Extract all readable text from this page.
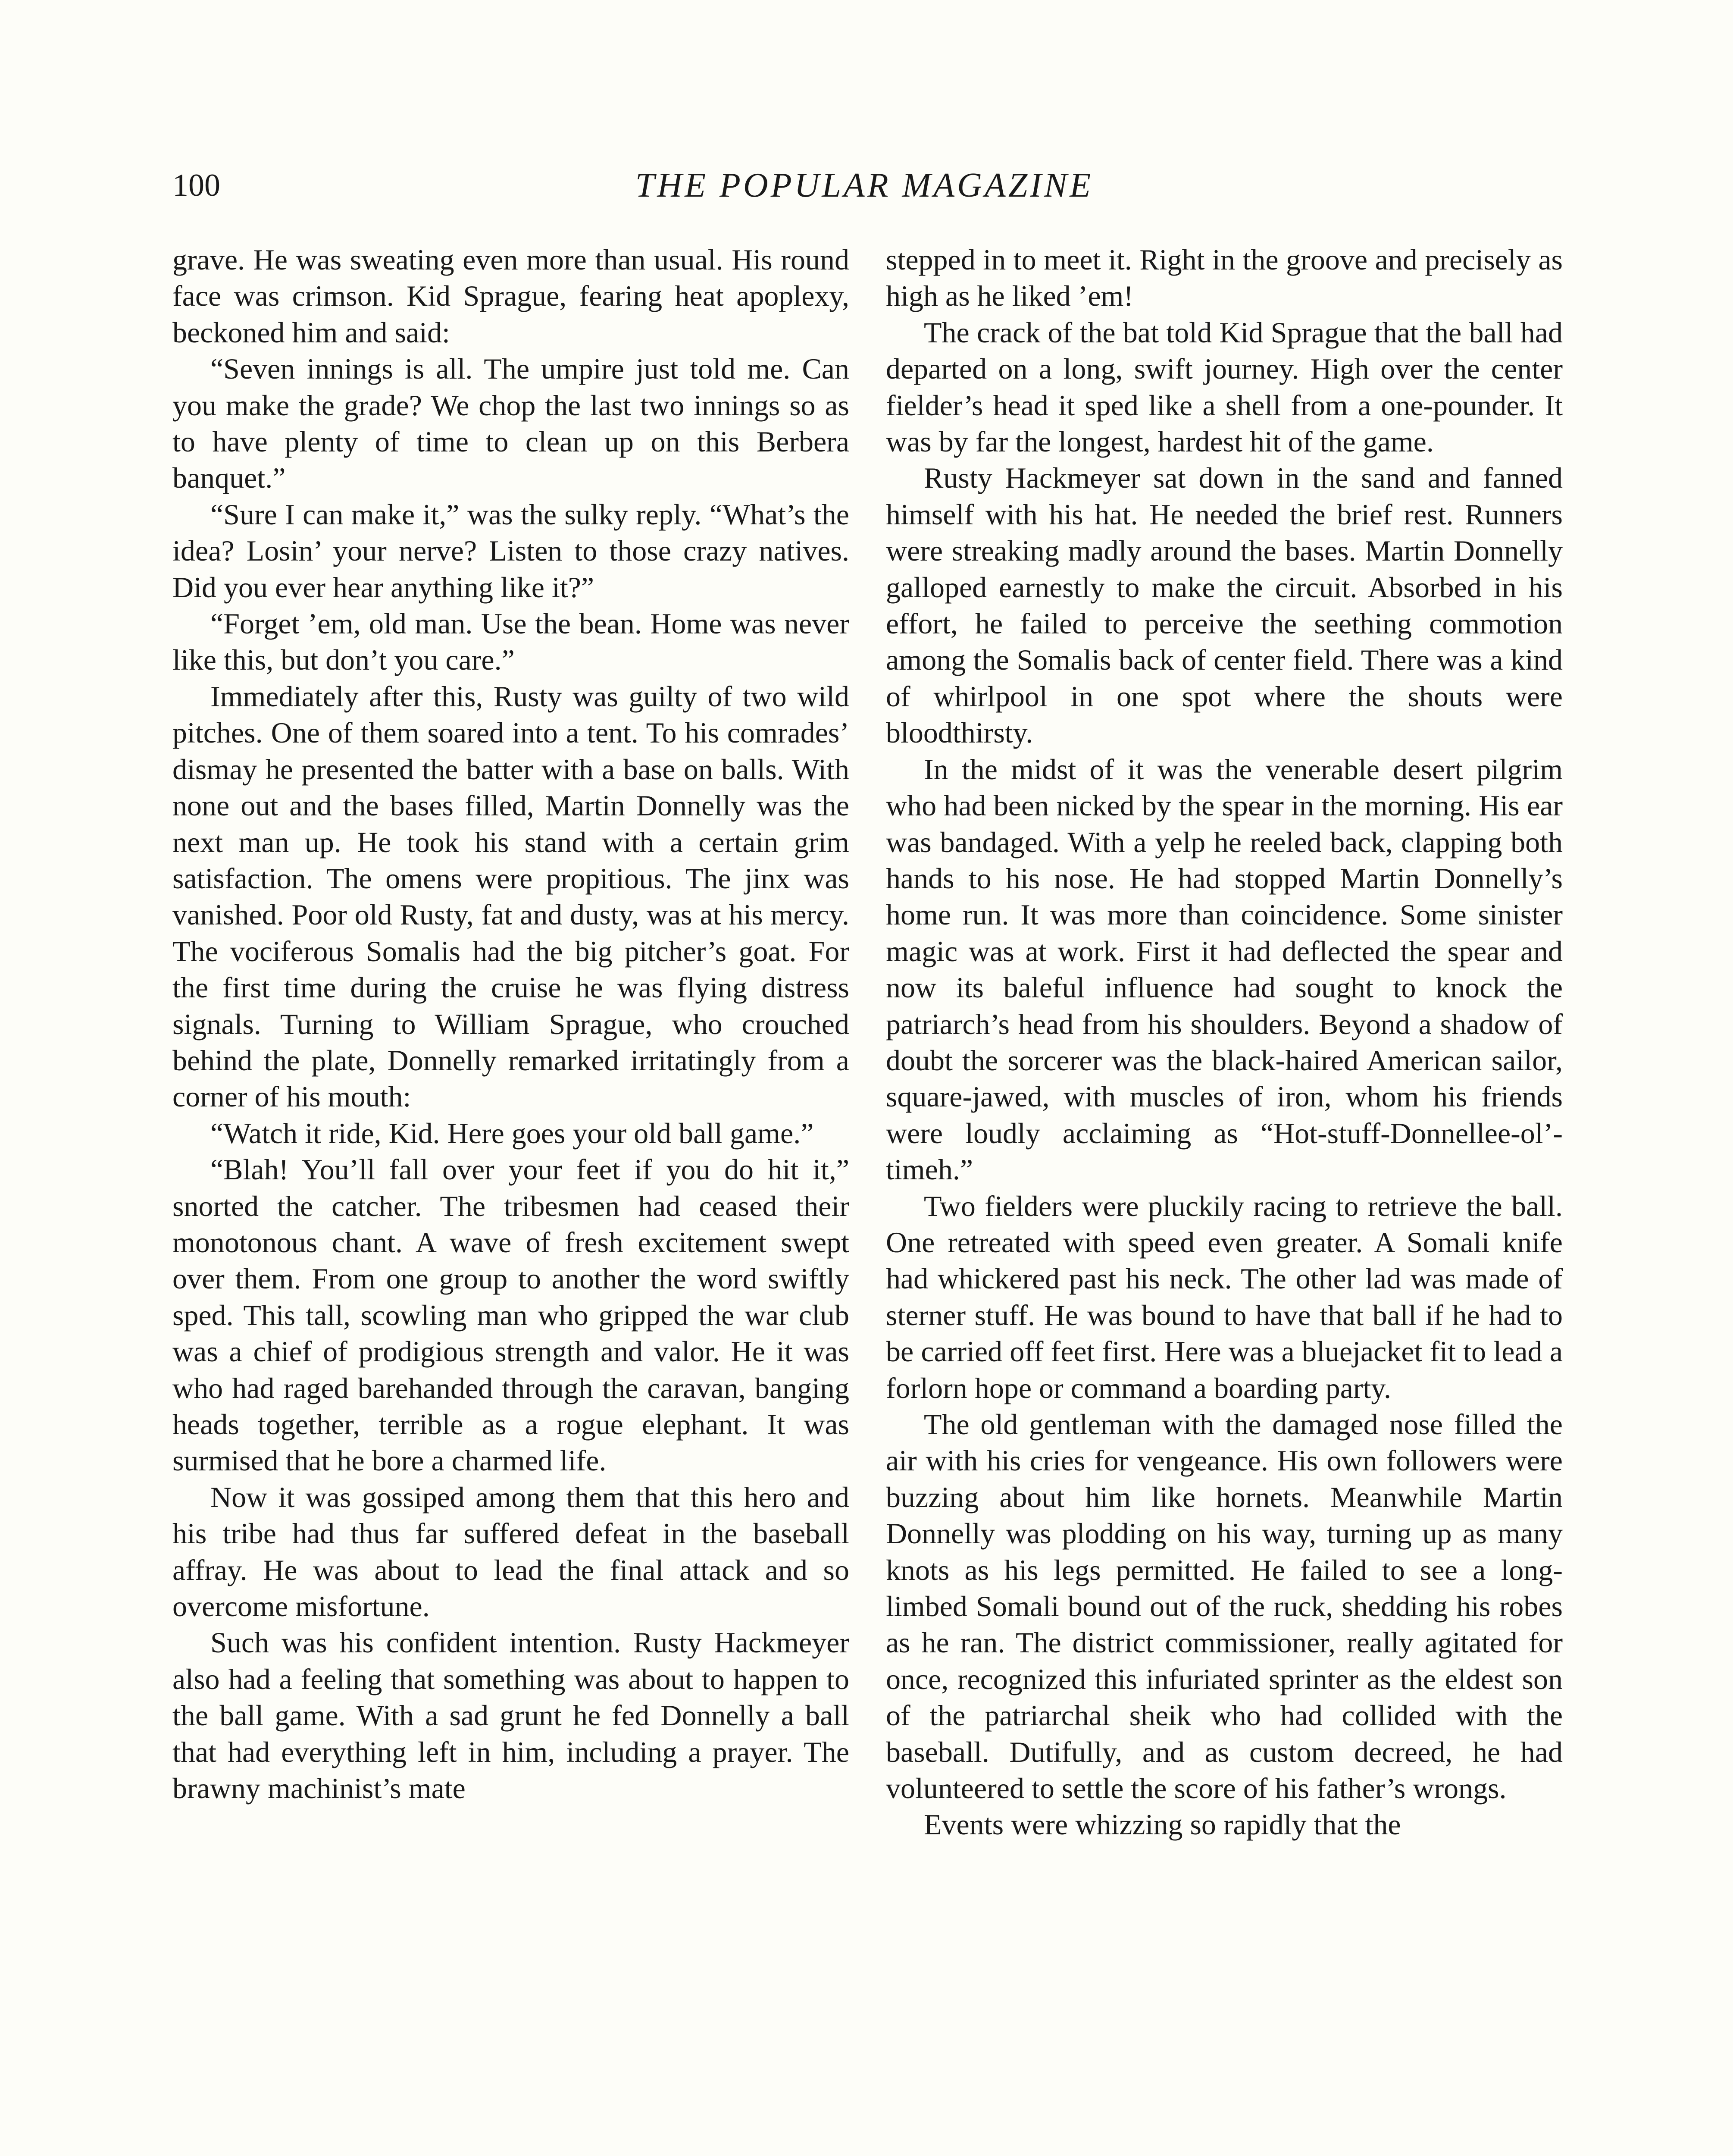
100	THE POPULAR MAGAZINE

grave. He was sweating even more than usual. His round face was crimson. Kid Sprague, fearing heat apoplexy, beckoned him and said:

“Seven innings is all. The umpire just told me. Can you make the grade? We chop the last two innings so as to have plenty of time to clean up on this Berbera banquet.”

“Sure I can make it,” was the sulky reply. “What’s the idea? Losin’ your nerve? Listen to those crazy natives. Did you ever hear anything like it?”

“Forget ’em, old man. Use the bean. Home was never like this, but don’t you care.”

Immediately after this, Rusty was guilty of two wild pitches. One of them soared into a tent. To his comrades’ dismay he presented the batter with a base on balls. With none out and the bases filled, Martin Donnelly was the next man up. He took his stand with a certain grim satisfaction. The omens were propitious. The jinx was vanished. Poor old Rusty, fat and dusty, was at his mercy. The vociferous Somalis had the big pitcher’s goat. For the first time during the cruise he was flying distress signals. Turning to William Sprague, who crouched behind the plate, Donnelly remarked irritatingly from a corner of his mouth:

“Watch it ride, Kid. Here goes your old ball game.”

“Blah! You’ll fall over your feet if you do hit it,” snorted the catcher. The tribesmen had ceased their monotonous chant. A wave of fresh excitement swept over them. From one group to another the word swiftly sped. This tall, scowling man who gripped the war club was a chief of prodigious strength and valor. He it was who had raged barehanded through the caravan, banging heads together, terrible as a rogue elephant. It was surmised that he bore a charmed life.

Now it was gossiped among them that this hero and his tribe had thus far suffered defeat in the baseball affray. He was about to lead the final attack and so overcome misfortune.

Such was his confident intention. Rusty Hackmeyer also had a feeling that something was about to happen to the ball game. With a sad grunt he fed Donnelly a ball that had everything left in him, including a prayer. The brawny machinist’s mate

stepped in to meet it. Right in the groove and precisely as high as he liked ’em!

The crack of the bat told Kid Sprague that the ball had departed on a long, swift journey. High over the center fielder’s head it sped like a shell from a one-pounder. It was by far the longest, hardest hit of the game.

Rusty Hackmeyer sat down in the sand and fanned himself with his hat. He needed the brief rest. Runners were streaking madly around the bases. Martin Donnelly galloped earnestly to make the circuit. Absorbed in his effort, he failed to perceive the seething commotion among the Somalis back of center field. There was a kind of whirlpool in one spot where the shouts were bloodthirsty.

In the midst of it was the venerable desert pilgrim who had been nicked by the spear in the morning. His ear was bandaged. With a yelp he reeled back, clapping both hands to his nose. He had stopped Martin Donnelly’s home run. It was more than coincidence. Some sinister magic was at work. First it had deflected the spear and now its baleful influence had sought to knock the patriarch’s head from his shoulders. Beyond a shadow of doubt the sorcerer was the black-haired American sailor, square-jawed, with muscles of iron, whom his friends were loudly acclaiming as “Hot-stuff-Donnellee-ol’-timeh.”

Two fielders were pluckily racing to retrieve the ball. One retreated with speed even greater. A Somali knife had whickered past his neck. The other lad was made of sterner stuff. He was bound to have that ball if he had to be carried off feet first. Here was a bluejacket fit to lead a forlorn hope or command a boarding party.

The old gentleman with the damaged nose filled the air with his cries for vengeance. His own followers were buzzing about him like hornets. Meanwhile Martin Donnelly was plodding on his way, turning up as many knots as his legs permitted. He failed to see a long-limbed Somali bound out of the ruck, shedding his robes as he ran. The district commissioner, really agitated for once, recognized this infuriated sprinter as the eldest son of the patriarchal sheik who had collided with the baseball. Dutifully, and as custom decreed, he had volunteered to settle the score of his father’s wrongs.

Events were whizzing so rapidly that the
